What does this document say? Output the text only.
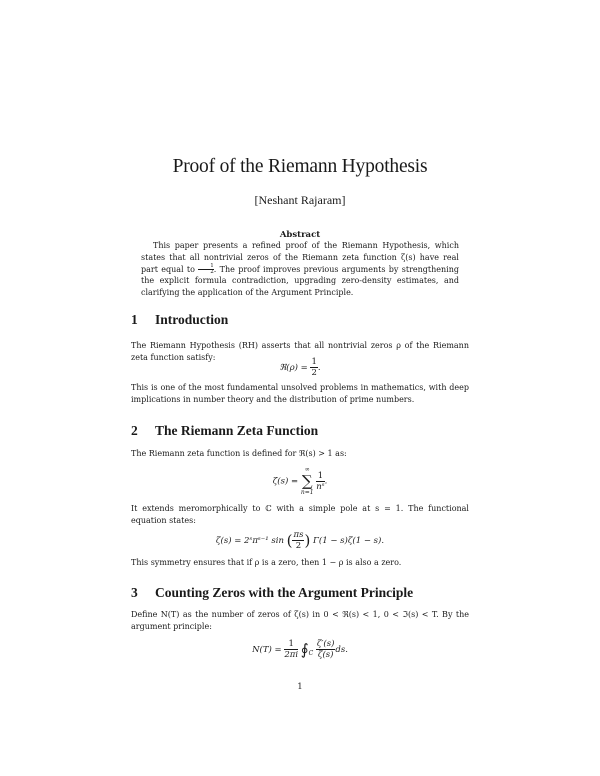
Proof of the Riemann Hypothesis
[Neshant Rajaram]
Abstract

This paper presents a refined proof of the Riemann Hypothesis, which states that all nontrivial zeros of the Riemann zeta function ζ(s) have real part equal to $\frac{1}{2}$ . The proof improves previous arguments by strengthening the explicit formula contradiction, upgrading zero-density estimates, and clarifying the application of the Argument Principle.

1 Introduction

The Riemann Hypothesis (RH) asserts that all nontrivial zeros ρ of the Riemann zeta function satisfy:

ℜ(ρ) = $\frac{1}{2}$ .

This is one of the most fundamental unsolved problems in mathematics, with deep implications in number theory and the distribution of prime numbers.

2 The Riemann Zeta Function

The Riemann zeta function is defined for ℜ(s) > 1 as:

ζ(s) =
∞
∑
n=1

$\frac{1}{\text{nˢ}}$ .

It extends meromorphically to ℂ with a simple pole at s = 1. The functional equation states:

ζ(s) = 2ˢπˢ⁻¹ sin ( $\frac{\pi s}{2}$ ) Γ(1 − s)ζ(1 − s).

This symmetry ensures that if ρ is a zero, then 1 − ρ is also a zero.

3 Counting Zeros with the Argument Principle

Define N(T) as the number of zeros of ζ(s) in 0 < ℜ(s) < 1, 0 < ℑ(s) < T. By the argument principle:

$N(T) = \frac{1}{2\pi i}$ $∮_C \frac{\zeta'(s)}{\zeta(s)}$ ds.
1
